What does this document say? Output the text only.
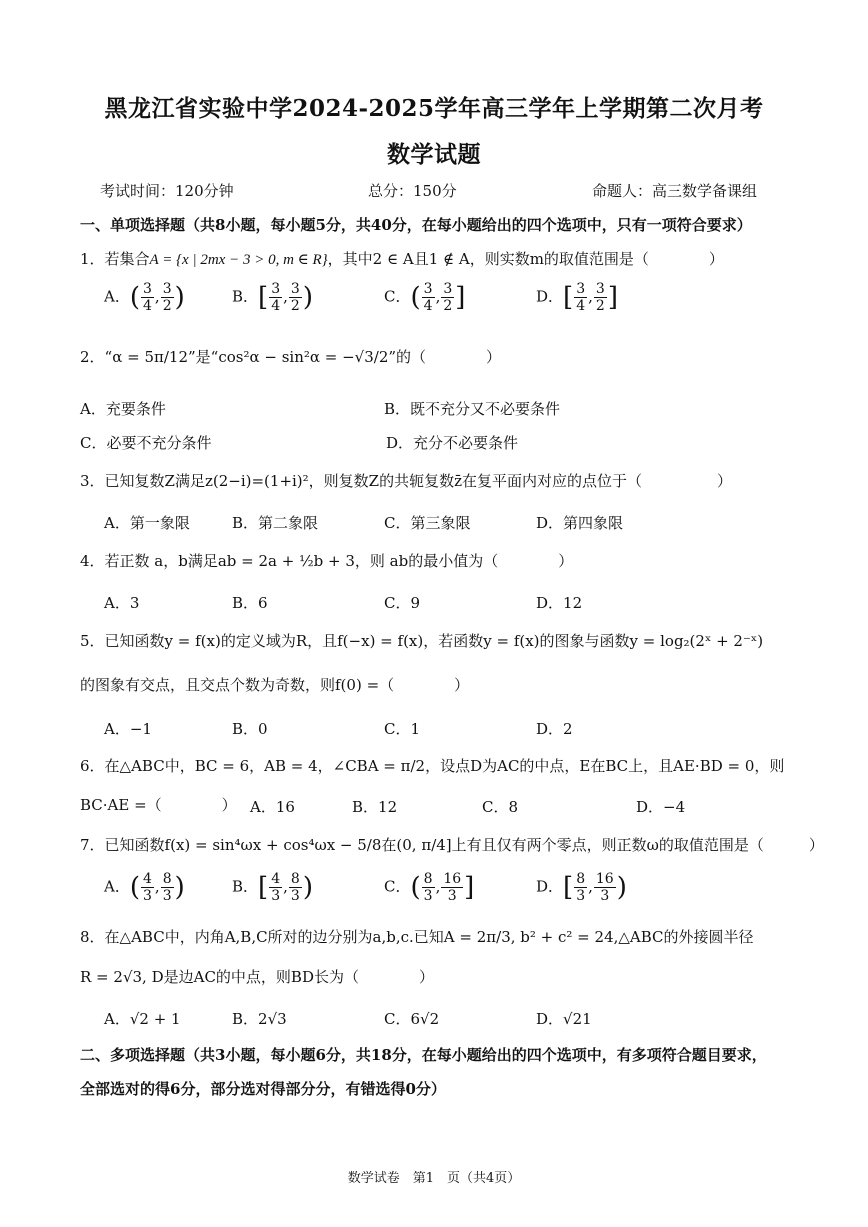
黑龙江省实验中学2024-2025学年高三学年上学期第二次月考
数学试题
考试时间：120分钟	总分：150分	命题人：高三数学备课组
一、单项选择题（共8小题，每小题5分，共40分，在每小题给出的四个选项中，只有一项符合要求）
1．若集合A = {x | 2mx − 3 > 0, m ∈ R}，其中2 ∈ A且1 ∉ A，则实数m的取值范围是（　　　　）
A．( $\frac{3}{4}$ , $\frac{3}{2}$ )	B．[ $\frac{3}{4}$ , $\frac{3}{2}$ )	C．( $\frac{3}{4}$ , $\frac{3}{2}$ ]	D．[ $\frac{3}{4}$ , $\frac{3}{2}$ ]
2．“α = 5π/12”是“cos²α − sin²α = −√3/2”的（　　　　）
A．充要条件	B．既不充分又不必要条件
C．必要不充分条件	D．充分不必要条件
3．已知复数Z满足z(2−i)=(1+i)²，则复数Z的共轭复数z̄在复平面内对应的点位于（　　　　　）
A．第一象限	B．第二象限	C．第三象限	D．第四象限
4．若正数 a，b满足ab = 2a + ½b + 3，则 ab的最小值为（　　　　）
A．3	B．6	C．9	D．12
5．已知函数y = f(x)的定义域为R，且f(−x) = f(x)，若函数y = f(x)的图象与函数y = log₂(2ˣ + 2⁻ˣ)
的图象有交点，且交点个数为奇数，则f(0) =（　　　　）
A．−1	B．0	C．1	D．2
6．在△ABC中，BC = 6，AB = 4，∠CBA = π/2，设点D为AC的中点，E在BC上，且AE·BD = 0，则
BC·AE =（　　　　） A．16	B．12	C．8	D．−4
7．已知函数f(x) = sin⁴ωx + cos⁴ωx − 5/8在(0, π/4]上有且仅有两个零点，则正数ω的取值范围是（　　　）
A．( $\frac{4}{3}$ , $\frac{8}{3}$ )	B．[ $\frac{4}{3}$ , $\frac{8}{3}$ )	C．( $\frac{8}{3}$ , $\frac{16}{3}$ ]	D．[ $\frac{8}{3}$ , $\frac{16}{3}$ )
8．在△ABC中，内角A,B,C所对的边分别为a,b,c.已知A = 2π/3, b² + c² = 24,△ABC的外接圆半径
R = 2√3, D是边AC的中点，则BD长为（　　　　）
A．√2 + 1	B．2√3	C．6√2	D．√21
二、多项选择题（共3小题，每小题6分，共18分，在每小题给出的四个选项中，有多项符合题目要求，
全部选对的得6分，部分选对得部分分，有错选得0分）
数学试卷　第1　页（共4页）
